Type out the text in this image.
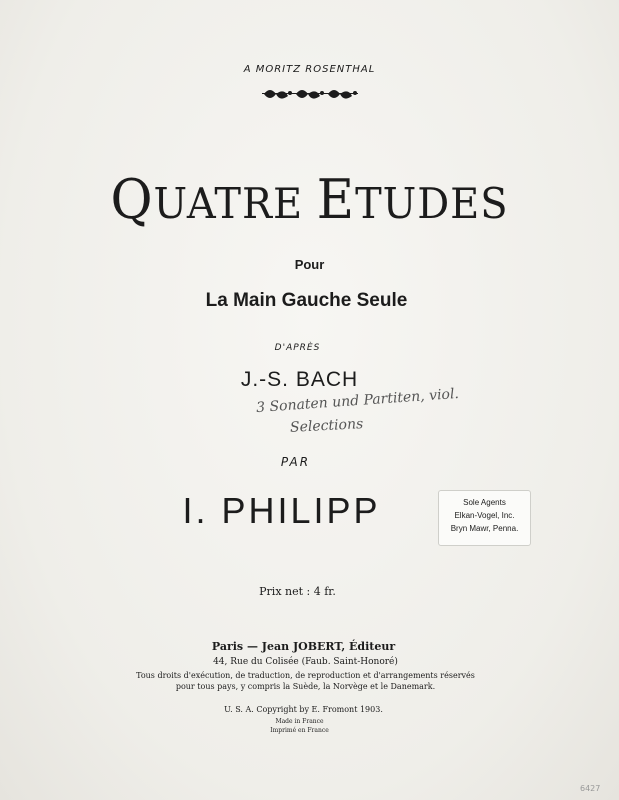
A MORITZ ROSENTHAL
QUATRE ETUDES
Pour
La Main Gauche Seule
D'APRÈS
J.-S. BACH
3 Sonaten und Partiten, viol.
Selections
PAR
I. PHILIPP	Sole Agents
Elkan-Vogel, Inc.
Bryn Mawr, Penna.
Prix net : 4 fr.
Paris — Jean JOBERT, Éditeur
44, Rue du Colisée (Faub. Saint-Honoré)
Tous droits d'exécution, de traduction, de reproduction et d'arrangements réservés
pour tous pays, y compris la Suède, la Norvège et le Danemark.
U. S. A. Copyright by E. Fromont 1903.
Made in France
Imprimé en France
6427
